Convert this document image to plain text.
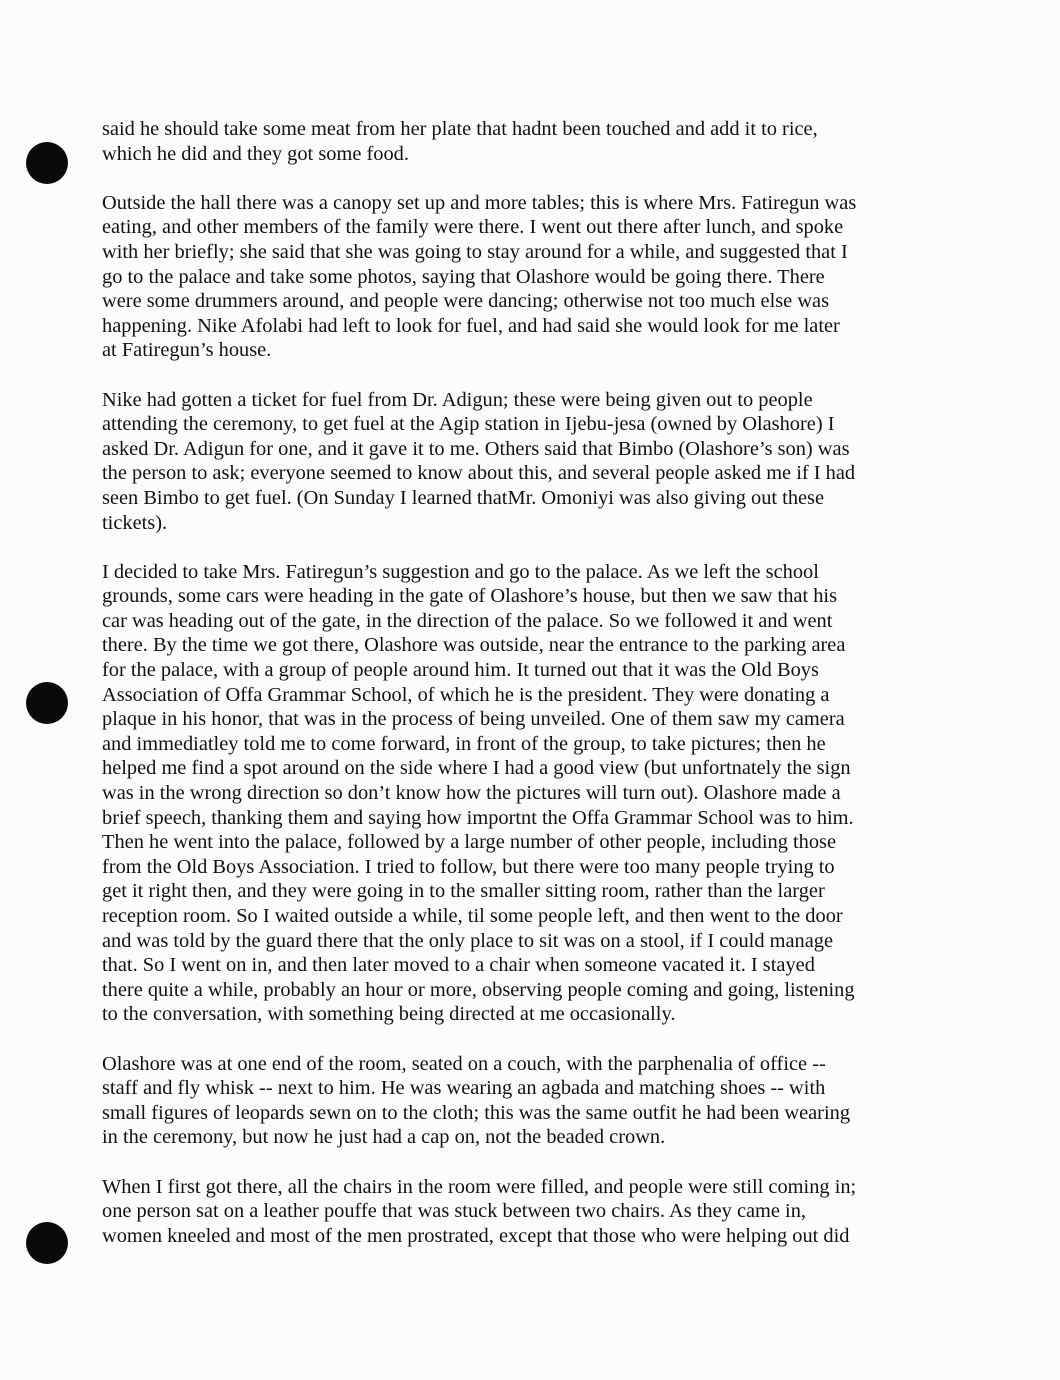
said he should take some meat from her plate that hadnt been touched and add it to rice,
which he did and they got some food.
Outside the hall there was a canopy set up and more tables; this is where Mrs. Fatiregun was
eating, and other members of the family were there. I went out there after lunch, and spoke
with her briefly; she said that she was going to stay around for a while, and suggested that I
go to the palace and take some photos, saying that Olashore would be going there. There
were some drummers around, and people were dancing; otherwise not too much else was
happening. Nike Afolabi had left to look for fuel, and had said she would look for me later
at Fatiregun’s house.
Nike had gotten a ticket for fuel from Dr. Adigun; these were being given out to people
attending the ceremony, to get fuel at the Agip station in Ijebu-jesa (owned by Olashore) I
asked Dr. Adigun for one, and it gave it to me. Others said that Bimbo (Olashore’s son) was
the person to ask; everyone seemed to know about this, and several people asked me if I had
seen Bimbo to get fuel. (On Sunday I learned thatMr. Omoniyi was also giving out these
tickets).
I decided to take Mrs. Fatiregun’s suggestion and go to the palace. As we left the school
grounds, some cars were heading in the gate of Olashore’s house, but then we saw that his
car was heading out of the gate, in the direction of the palace. So we followed it and went
there. By the time we got there, Olashore was outside, near the entrance to the parking area
for the palace, with a group of people around him. It turned out that it was the Old Boys
Association of Offa Grammar School, of which he is the president. They were donating a
plaque in his honor, that was in the process of being unveiled. One of them saw my camera
and immediatley told me to come forward, in front of the group, to take pictures; then he
helped me find a spot around on the side where I had a good view (but unfortnately the sign
was in the wrong direction so don’t know how the pictures will turn out). Olashore made a
brief speech, thanking them and saying how importnt the Offa Grammar School was to him.
Then he went into the palace, followed by a large number of other people, including those
from the Old Boys Association. I tried to follow, but there were too many people trying to
get it right then, and they were going in to the smaller sitting room, rather than the larger
reception room. So I waited outside a while, til some people left, and then went to the door
and was told by the guard there that the only place to sit was on a stool, if I could manage
that. So I went on in, and then later moved to a chair when someone vacated it. I stayed
there quite a while, probably an hour or more, observing people coming and going, listening
to the conversation, with something being directed at me occasionally.
Olashore was at one end of the room, seated on a couch, with the parphenalia of office --
staff and fly whisk -- next to him. He was wearing an agbada and matching shoes -- with
small figures of leopards sewn on to the cloth; this was the same outfit he had been wearing
in the ceremony, but now he just had a cap on, not the beaded crown.
When I first got there, all the chairs in the room were filled, and people were still coming in;
one person sat on a leather pouffe that was stuck between two chairs. As they came in,
women kneeled and most of the men prostrated, except that those who were helping out did
